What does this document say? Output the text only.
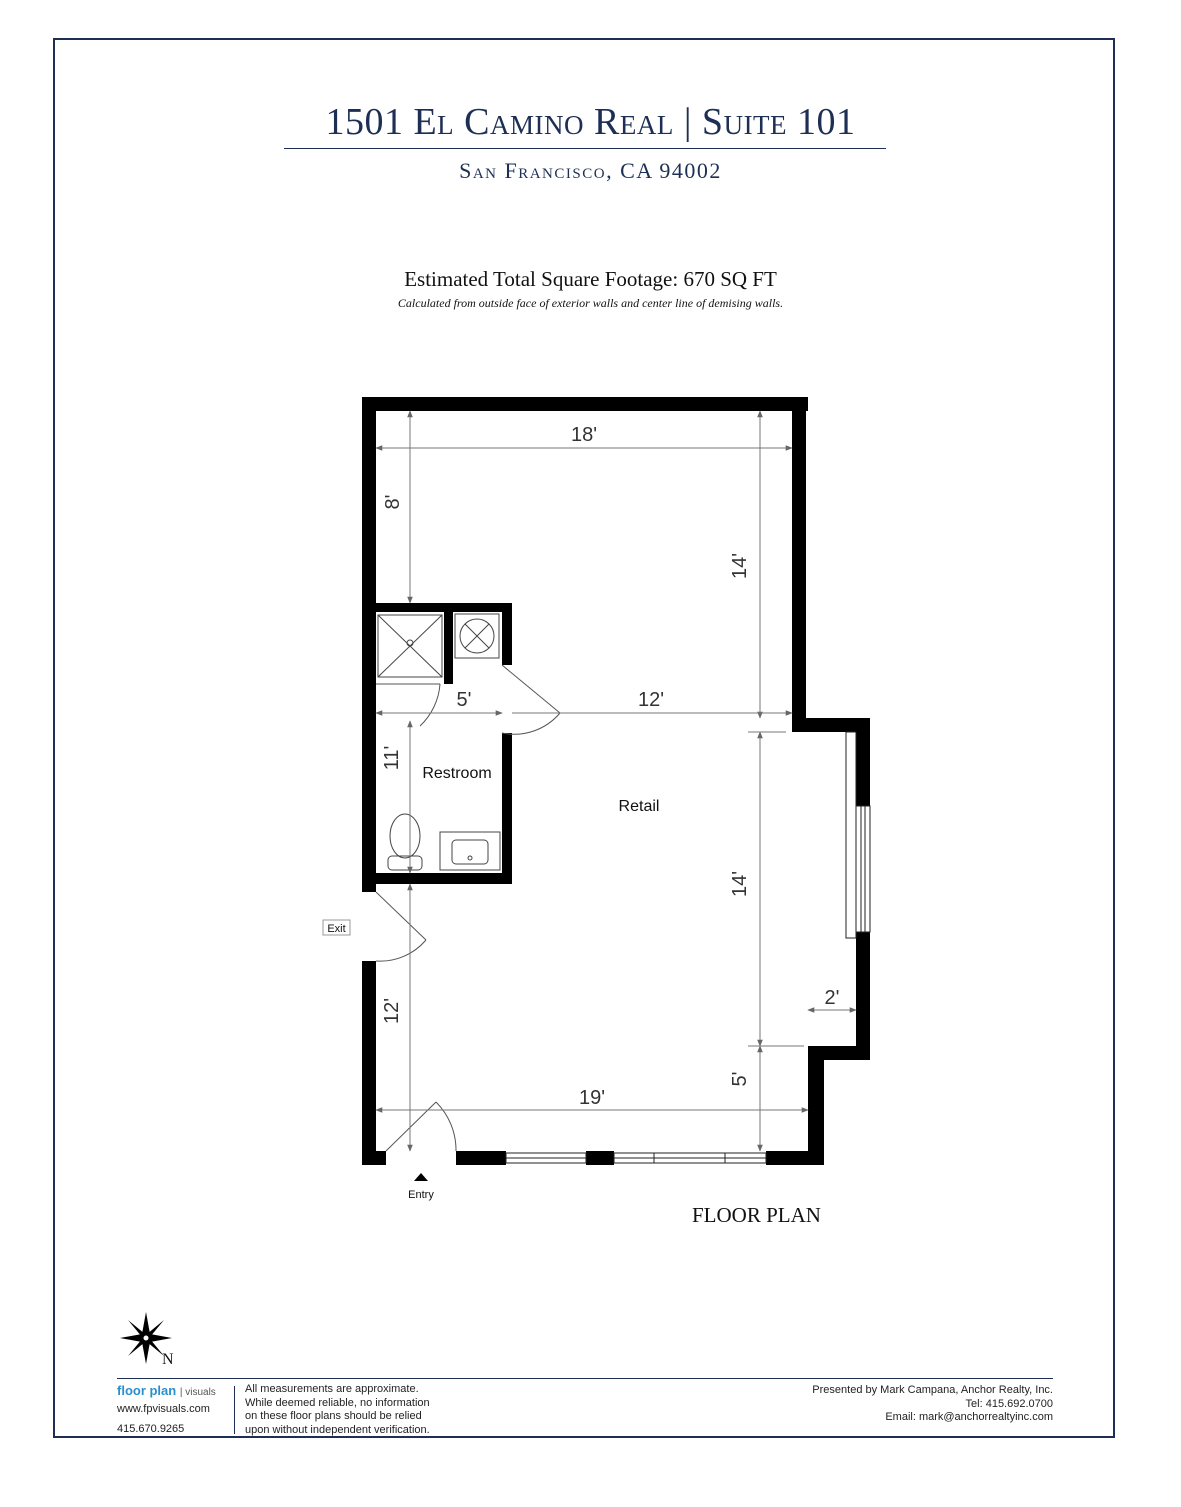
1501 El Camino Real | Suite 101
San Francisco, CA 94002
Estimated Total Square Footage: 670 SQ FT
Calculated from outside face of exterior walls and center line of demising walls.
18'
8'
14'
5'	12'
11'
14'
2'
12'
19'
5'
Retail
Restroom
Exit
Entry
FLOOR PLAN
N
floor plan | visuals
www.fpvisuals.com
415.670.9265
All measurements are approximate.
While deemed reliable, no information
on these floor plans should be relied
upon without independent verification.
Presented by Mark Campana, Anchor Realty, Inc.
Tel: 415.692.0700
Email: mark@anchorrealtyinc.com
